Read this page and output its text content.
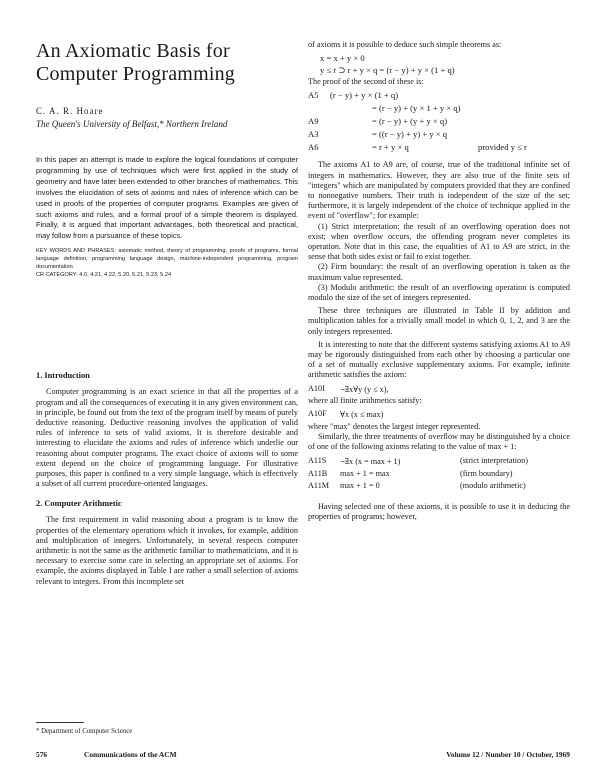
An Axiomatic Basis for
Computer Programming

C. A. R. Hoare

The Queen's University of Belfast,* Northern Ireland

In this paper an attempt is made to explore the logical foundations of computer programming by use of techniques which were first applied in the study of geometry and have later been extended to other branches of mathematics. This involves the elucidation of sets of axioms and rules of inference which can be used in proofs of the properties of computer programs. Examples are given of such axioms and rules, and a formal proof of a simple theorem is displayed. Finally, it is argued that important advantages, both theoretical and practical, may follow from a pursuance of these topics.

KEY WORDS AND PHRASES: axiomatic method, theory of programming, proofs of programs, formal language definition, programming language design, machine-independent programming, program documentation
CR CATEGORY: 4.0, 4.21, 4.22, 5.20, 5.21, 5.23, 5.24

1. Introduction

Computer programming is an exact science in that all the properties of a program and all the consequences of executing it in any given environment can, in principle, be found out from the text of the program itself by means of purely deductive reasoning. Deductive reasoning involves the application of valid rules of inference to sets of valid axioms. It is therefore desirable and interesting to elucidate the axioms and rules of inference which underlie our reasoning about computer programs. The exact choice of axioms will to some extent depend on the choice of programming language. For illustrative purposes, this paper is confined to a very simple language, which is effectively a subset of all current procedure-oriented languages.

2. Computer Arithmetic

The first requirement in valid reasoning about a program is to know the properties of the elementary operations which it invokes, for example, addition and multiplication of integers. Unfortunately, in several respects computer arithmetic is not the same as the arithmetic familiar to mathematicians, and it is necessary to exercise some care in selecting an appropriate set of axioms. For example, the axioms displayed in Table I are rather a small selection of axioms relevant to integers. From this incomplete set

* Department of Computer Science

of axioms it is possible to deduce such simple theorems as:

x = x + y × 0

y ≤ r ⊃ r + y × q = (r − y) + y × (1 + q)

The proof of the second of these is:

A5 (r − y) + y × (1 + q)
= (r − y) + (y × 1 + y × q)
A9	= (r − y) + (y + y × q)
A3	= ((r − y) + y) + y × q
A6	= r + y × q	provided y ≤ r

The axioms A1 to A9 are, of course, true of the traditional infinite set of integers in mathematics. However, they are also true of the finite sets of "integers" which are manipulated by computers provided that they are confined to nonnegative numbers. Their truth is independent of the size of the set; furthermore, it is largely independent of the choice of technique applied in the event of "overflow"; for example:

(1) Strict interpretation: the result of an overflowing operation does not exist; when overflow occurs, the offending program never completes its operation. Note that in this case, the equalities of A1 to A9 are strict, in the sense that both sides exist or fail to exist together.

(2) Firm boundary: the result of an overflowing operation is taken as the maximum value represented.

(3) Modulo arithmetic: the result of an overflowing operation is computed modulo the size of the set of integers represented.

These three techniques are illustrated in Table II by addition and multiplication tables for a trivially small model in which 0, 1, 2, and 3 are the only integers represented.

It is interesting to note that the different systems satisfying axioms A1 to A9 may be rigorously distinguished from each other by choosing a particular one of a set of mutually exclusive supplementary axioms. For example, infinite arithmetic satisfies the axiom:

A10I ¬∃x∀y (y ≤ x),

where all finite arithmetics satisfy:

A10F ∀x (x ≤ max)

where "max" denotes the largest integer represented.

Similarly, the three treatments of overflow may be distinguished by a choice of one of the following axioms relating to the value of max + 1:

A11S ¬∃x (x = max + 1)	(strict interpretation)
A11B max + 1 = max	(firm boundary)
A11M max + 1 = 0	(modulo arithmetic)

Having selected one of these axioms, it is possible to use it in deducing the properties of programs; however,

576	Communications of the ACM	Volume 12 / Number 10 / October, 1969
